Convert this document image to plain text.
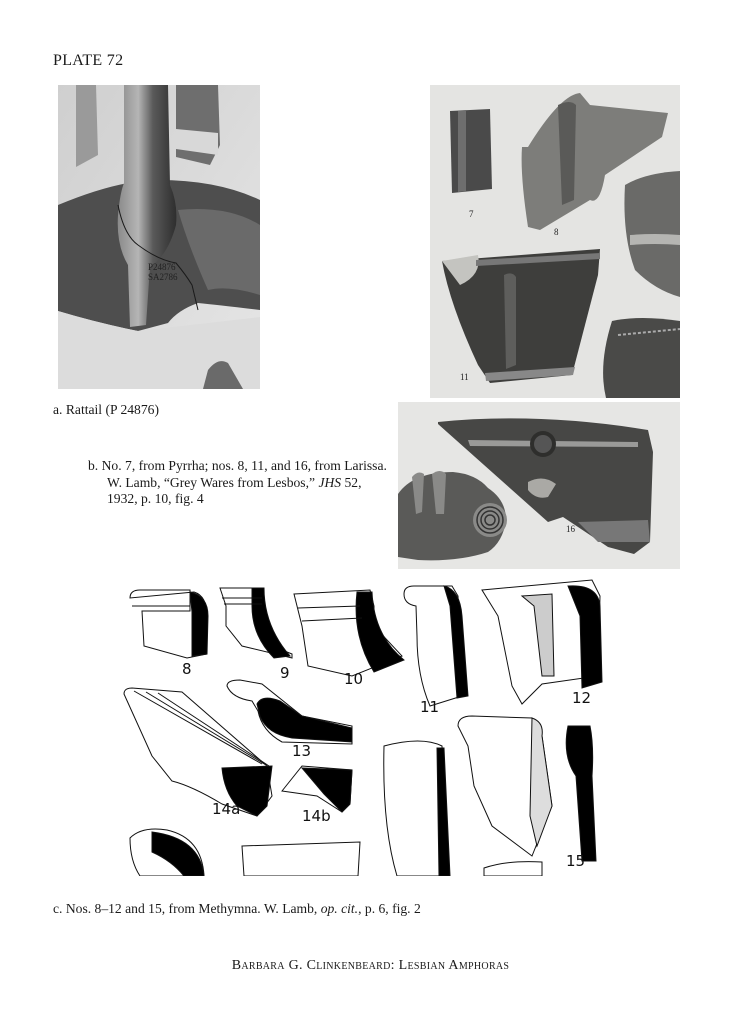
PLATE 72
P24876
SA2786
7
8
11
16
a. Rattail (P 24876)
b. No. 7, from Pyrrha; nos. 8, 11, and 16, from Larissa.
W. Lamb, “Grey Wares from Lesbos,” JHS 52,
1932, p. 10, fig. 4
8	9	10
11	12
13
14a	14b
15
c. Nos. 8–12 and 15, from Methymna. W. Lamb, op. cit., p. 6, fig. 2
Barbara G. Clinkenbeard: Lesbian Amphoras
